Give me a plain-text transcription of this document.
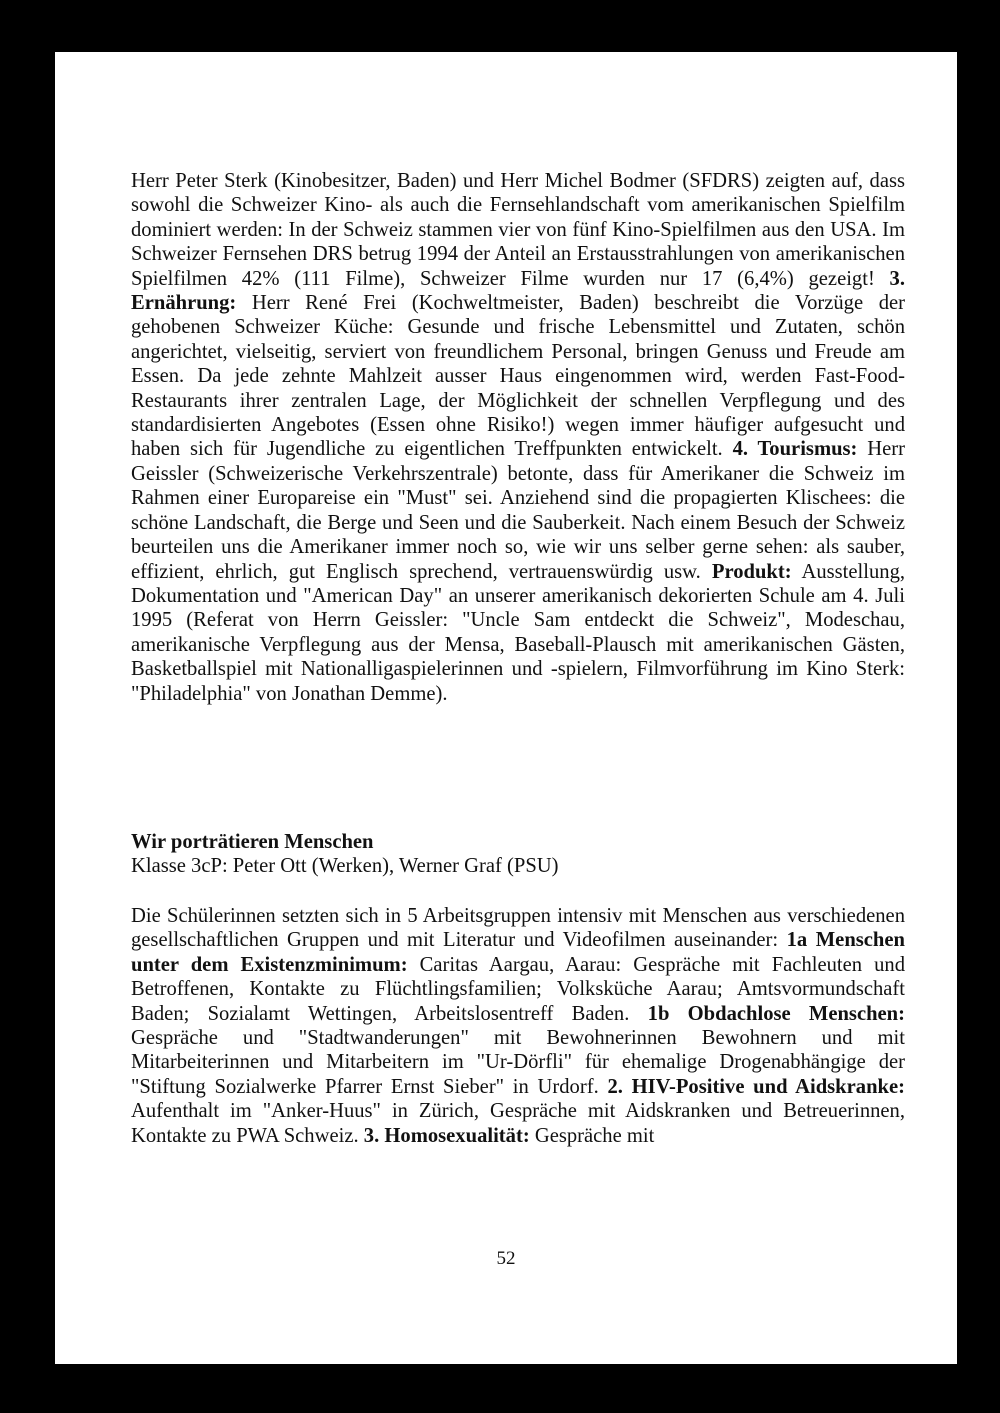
Herr Peter Sterk (Kinobesitzer, Baden) und Herr Michel Bodmer (SFDRS) zeigten auf, dass sowohl die Schweizer Kino- als auch die Fernsehlandschaft vom amerikanischen Spielfilm dominiert werden: In der Schweiz stammen vier von fünf Kino-Spielfilmen aus den USA. Im Schweizer Fernsehen DRS betrug 1994 der Anteil an Erstausstrahlungen von amerikanischen Spielfilmen 42% (111 Filme), Schweizer Filme wurden nur 17 (6,4%) gezeigt! 3. Ernährung: Herr René Frei (Kochweltmeister, Baden) beschreibt die Vorzüge der gehobenen Schweizer Küche: Gesunde und frische Lebensmittel und Zutaten, schön angerichtet, vielseitig, serviert von freundlichem Personal, bringen Genuss und Freude am Essen. Da jede zehnte Mahlzeit ausser Haus eingenommen wird, werden Fast-Food-Restaurants ihrer zentralen Lage, der Möglichkeit der schnellen Verpflegung und des standardisierten Angebotes (Essen ohne Risiko!) wegen immer häufiger aufgesucht und haben sich für Jugendliche zu eigentlichen Treffpunkten entwickelt. 4. Tourismus: Herr Geissler (Schweizerische Verkehrszentrale) betonte, dass für Amerikaner die Schweiz im Rahmen einer Europareise ein "Must" sei. Anziehend sind die propagierten Klischees: die schöne Landschaft, die Berge und Seen und die Sauberkeit. Nach einem Besuch der Schweiz beurteilen uns die Amerikaner immer noch so, wie wir uns selber gerne sehen: als sauber, effizient, ehrlich, gut Englisch sprechend, vertrauenswürdig usw. Produkt: Ausstellung, Dokumentation und "American Day" an unserer amerikanisch dekorierten Schule am 4. Juli 1995 (Referat von Herrn Geissler: "Uncle Sam entdeckt die Schweiz", Modeschau, amerikanische Verpflegung aus der Mensa, Baseball-Plausch mit amerikanischen Gästen, Basketballspiel mit Nationalligaspielerinnen und -spielern, Filmvorführung im Kino Sterk: "Philadelphia" von Jonathan Demme).
Wir porträtieren Menschen
Klasse 3cP: Peter Ott (Werken), Werner Graf (PSU)
Die Schülerinnen setzten sich in 5 Arbeitsgruppen intensiv mit Menschen aus verschiedenen gesellschaftlichen Gruppen und mit Literatur und Videofilmen auseinander: 1a Menschen unter dem Existenzminimum: Caritas Aargau, Aarau: Gespräche mit Fachleuten und Betroffenen, Kontakte zu Flüchtlingsfamilien; Volksküche Aarau; Amtsvormundschaft Baden; Sozialamt Wettingen, Arbeitslosentreff Baden. 1b Obdachlose Menschen: Gespräche und "Stadtwanderungen" mit Bewohnerinnen Bewohnern und mit Mitarbeiterinnen und Mitarbeitern im "Ur-Dörfli" für ehemalige Drogenabhängige der "Stiftung Sozialwerke Pfarrer Ernst Sieber" in Urdorf. 2. HIV-Positive und Aidskranke: Aufenthalt im "Anker-Huus" in Zürich, Gespräche mit Aidskranken und Betreuerinnen, Kontakte zu PWA Schweiz. 3. Homosexualität: Gespräche mit
52
